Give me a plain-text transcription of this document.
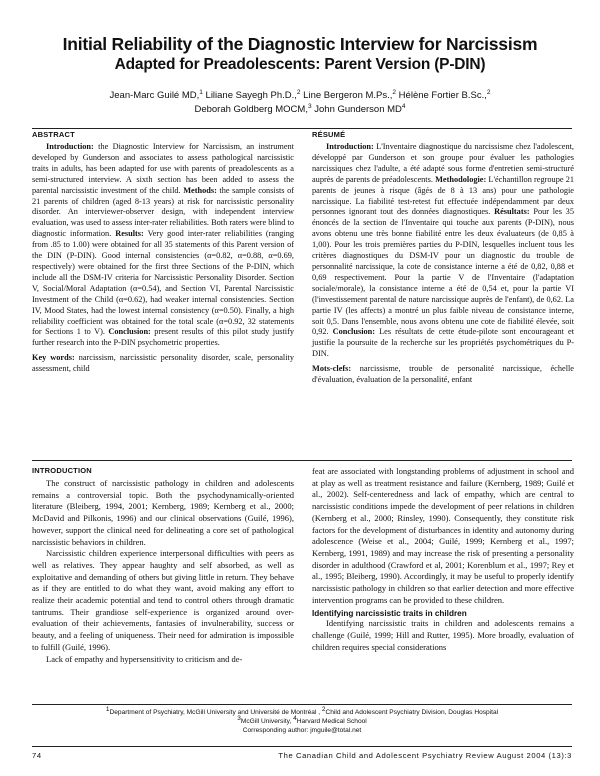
Initial Reliability of the Diagnostic Interview for Narcissism
Adapted for Preadolescents: Parent Version (P-DIN)
Jean-Marc Guilé MD,$^1$ Liliane Sayegh Ph.D.,$^2$ Line Bergeron M.Ps.,$^2$ Hélène Fortier B.Sc.,$^2$
Deborah Goldberg MOCM,$^3$ John Gunderson $MD^4$
ABSTRACT

Introduction: the Diagnostic Interview for Narcissism, an instrument developed by Gunderson and associates to assess pathological narcissistic traits in adults, has been adapted for use with parents of preadolescents as a semi-structured interview. A sixth section has been added to assess the parental narcissistic investment of the child. Methods: the sample consists of 21 parents of children (aged 8-13 years) at risk for narcissistic personality disorder. An interviewer-observer design, with independent interview evaluation, was used to assess inter-rater reliabilities. Both raters were blind to diagnostic information. Results: Very good inter-rater reliabilities (ranging from .85 to 1.00) were obtained for all 35 statements of this Parent version of the DIN (P-DIN). Good internal consistencies (α=0.82, α=0.88, α=0.69, respectively) were obtained for the first three Sections of the P-DIN, which include all the DSM-IV criteria for Narcissistic Personality Disorder. Section V, Social/Moral Adaptation (α=0.54), and Section VI, Parental Narcissistic Investment of the Child (α=0.62), had weaker internal consistencies. Section IV, Mood States, had the lowest internal consistency (α=0.50). Finally, a high reliability coefficient was obtained for the total scale (α=0.92, 32 statements for Sections 1 to V). Conclusion: present results of this pilot study justify further research into the P-DIN psychometric properties.

Key words: narcissism, narcissistic personality disorder, scale, personality assessment, child
RÉSUMÉ

Introduction: L'Inventaire diagnostique du narcissisme chez l'adolescent, développé par Gunderson et son groupe pour évaluer les pathologies narcissiques chez l'adulte, a été adapté sous forme d'entretien semi-structuré auprès de parents de préadolescents. Methodologie: L'échantillon regroupe 21 parents de jeunes à risque (âgés de 8 à 13 ans) pour une pathologie narcissique. La fiabilité test-retest fut effectuée indépendamment par deux personnes ignorant tout des données diagnostiques. Résultats: Pour les 35 énoncés de la section de l'Inventaire qui touche aux parents (P-DIN), nous avons obtenu une très bonne fiabilité entre les deux évaluateurs (de 0,85 à 1,00). Pour les trois premières parties du P-DIN, lesquelles incluent tous les critères diagnostiques du DSM-IV pour un diagnostic du trouble de personnalité narcissique, la cote de consistance interne a été de 0,82, 0,88 et 0,69 respectivement. Pour la partie V de l'Inventaire (l'adaptation sociale/morale), la consistance interne a été de 0,54 et, pour la partie VI (l'investissement parental de nature narcissique auprès de l'enfant), de 0,62. La partie IV (les affects) a montré un plus faible niveau de consistance interne, soit 0,5. Dans l'ensemble, nous avons obtenu une cote de fiabilité élevée, soit 0,92. Conclusion: Les résultats de cette étude-pilote sont encourageant et justifie la poursuite de la recherche sur les propriétés psychométriques du P-DIN.

Mots-clefs: narcissisme, trouble de personalité narcissique, échelle d'évaluation, évaluation de la personalité, enfant
INTRODUCTION

The construct of narcissistic pathology in children and adolescents remains a controversial topic. Both the psychodynamically-oriented literature (Bleiberg, 1994, 2001; Kernberg, 1989; Kernberg et al., 2000; McDavid and Pilkonis, 1996) and our clinical observations (Guilé, 1996), however, support the clinical need for delineating a core set of pathological narcissistic behaviors in children.

Narcissistic children experience interpersonal difficulties with peers as well as relatives. They appear haughty and self absorbed, as well as exploitative and demanding of others but giving little in return. They behave as if they are entitled to do what they want, avoid making any effort to realize their academic potential and tend to control others through dramatic tantrums. Their grandiose self-experience is organized around over-evaluation of their achievements, fantasies of invulnerability, success or beauty, and a feeling of uniqueness. Their need for admiration is impossible to fulfill (Guilé, 1996).

Lack of empathy and hypersensitivity to criticism and de-

feat are associated with longstanding problems of adjustment in school and at play as well as treatment resistance and failure (Kernberg, 1989; Guilé et al., 2002). Self-centeredness and lack of empathy, which are central to narcissistic conditions impede the development of peer relations in children (Kernberg et al., 2000; Rinsley, 1990). Consequently, they constitute risk factors for the development of disturbances in identity and autonomy during adolescence (Weise et al., 2004; Guilé, 1999; Kernberg et al., 1997; Kernberg, 1991, 1989) and may increase the risk of presenting a personality disorder in adulthood (Crawford et al, 2001; Korenblum et al., 1997; Rey et al., 1995; Bleiberg, 1990). Accordingly, it may be useful to properly identify narcissistic pathology in children so that earlier detection and more effective intervention programs can be provided to these children.

Identifying narcissistic traits in children

Identifying narcissistic traits in children and adolescents remains a challenge (Guilé, 1999; Hill and Rutter, 1995). More broadly, evaluation of children requires special considerations

$^1$Department of Psychiatry, McGill University and Université de Montréal , $^2$Child and Adolescent Psychiatry Division, Douglas Hospital
$^3$McGill University, $^4$Harvard Medical School
Corresponding author: jmguile@total.net
74	The Canadian Child and Adolescent Psychiatry Review August 2004 (13):3
